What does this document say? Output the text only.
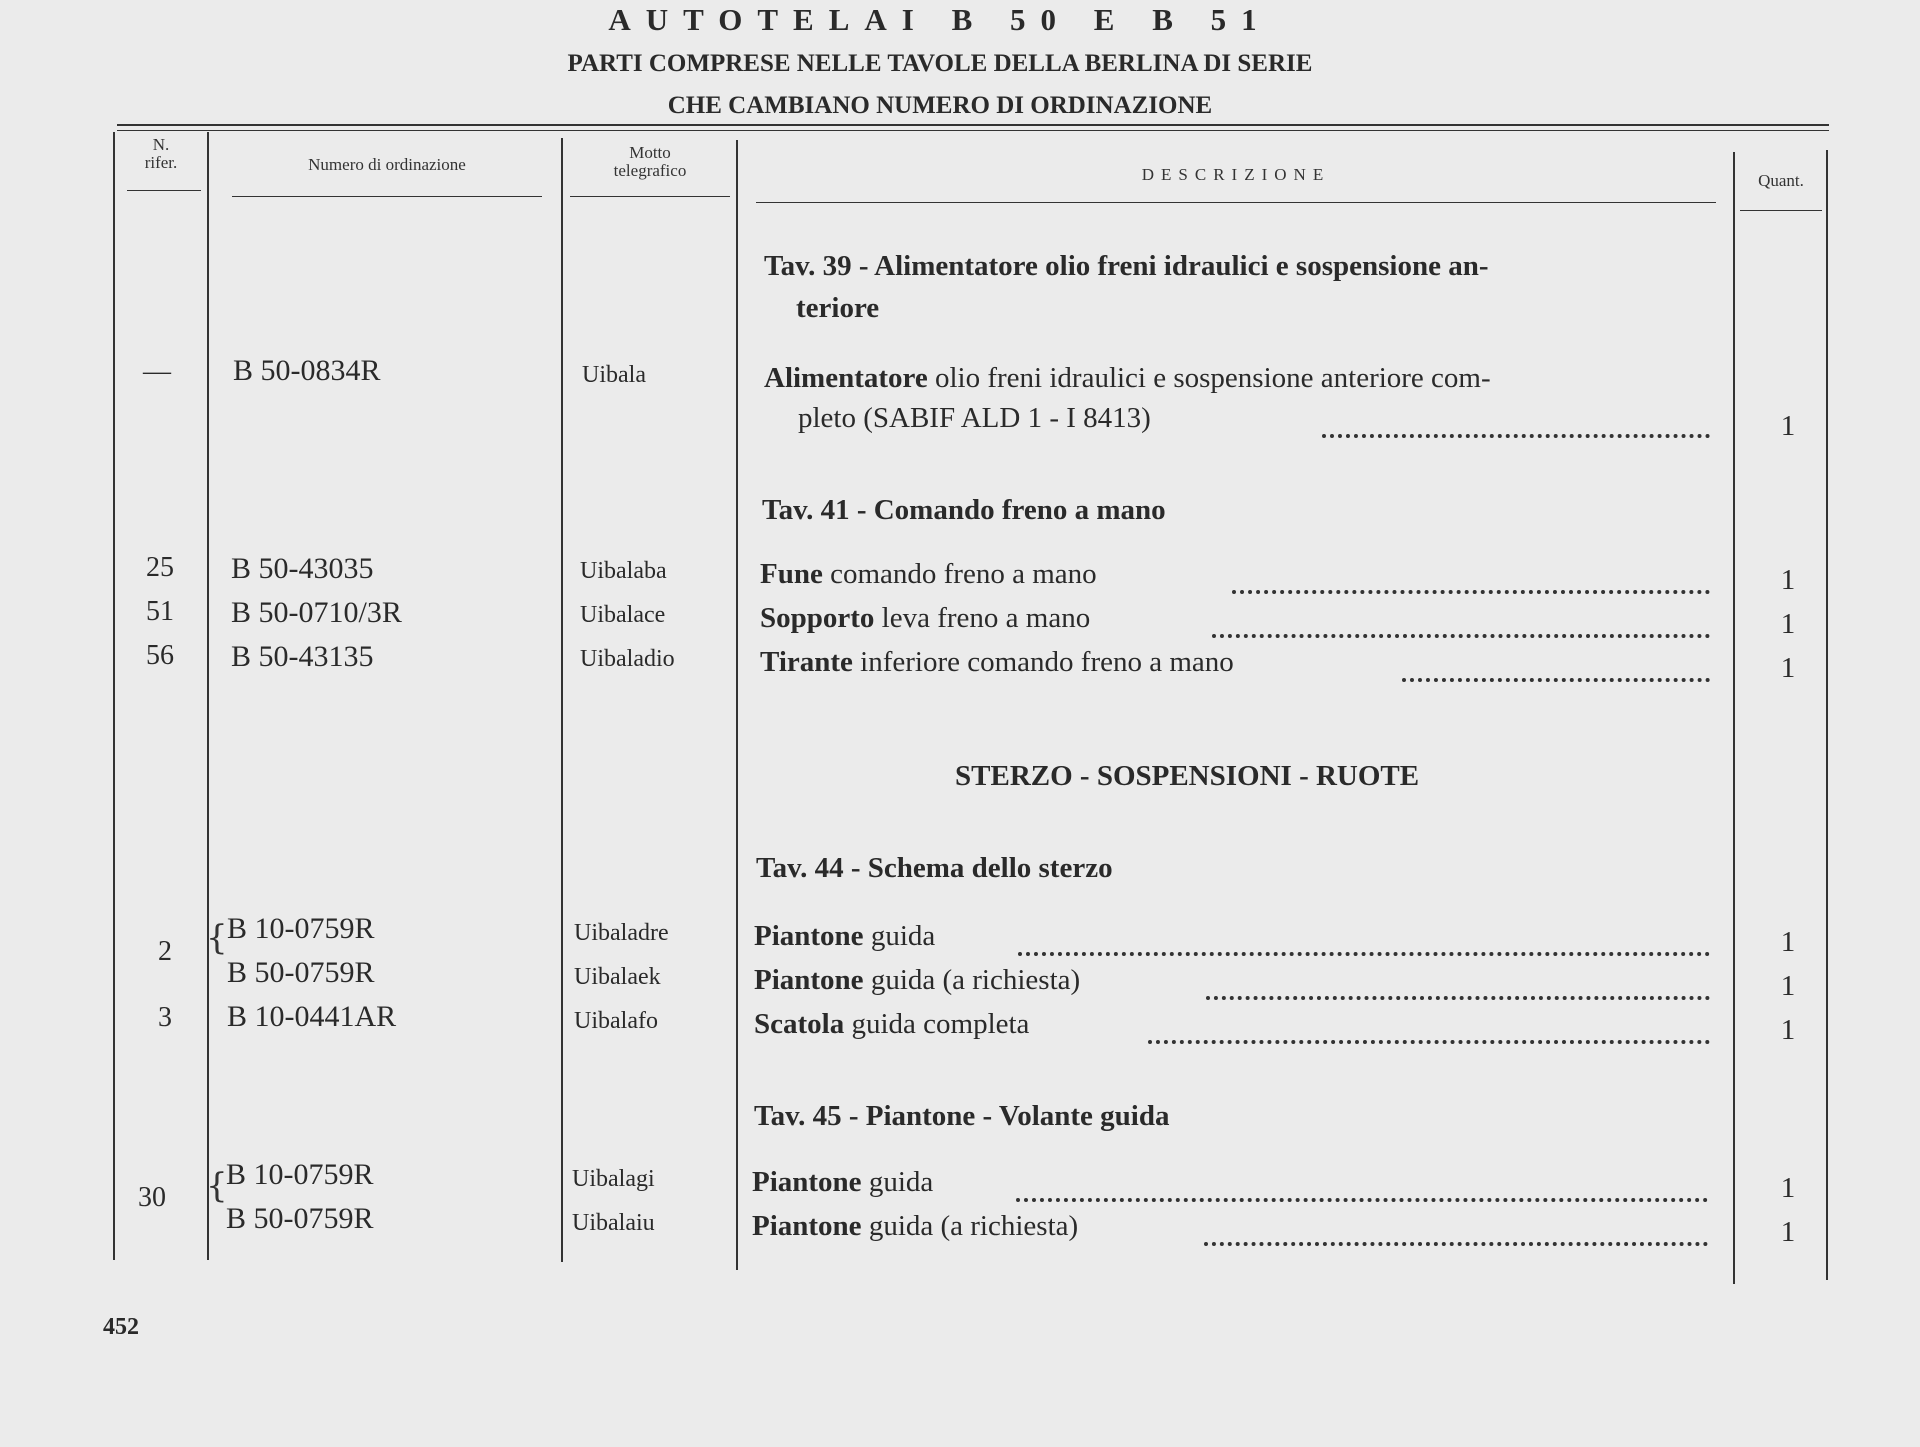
AUTOTELAI B 50 E B 51
PARTI COMPRESE NELLE TAVOLE DELLA BERLINA DI SERIE
CHE CAMBIANO NUMERO DI ORDINAZIONE
N.
rifer.	Numero di ordinazione
Motto
telegrafico	DESCRIZIONE	Quant.
Tav. 39 - Alimentatore olio freni idraulici e sospensione an-
teriore
— B 50-0834R	Uibala	Alimentatore olio freni idraulici e sospensione anteriore com-
pleto (SABIF ALD 1 - I 8413)	1
Tav. 41 - Comando freno a mano
25 B 50-43035	Uibalaba	Fune comando freno a mano	1
51 B 50-0710/3R	Uibalace	Sopporto leva freno a mano	1
56 B 50-43135	Uibaladio	Tirante inferiore comando freno a mano	1
STERZO - SOSPENSIONI - RUOTE
Tav. 44 - Schema dello sterzo
2 { B 10-0759R	Uibaladre	Piantone guida	1
B 50-0759R	Uibalaek	Piantone guida (a richiesta)	1
3 B 10-0441AR	Uibalafo	Scatola guida completa	1
Tav. 45 - Piantone - Volante guida
30 {
B 10-0759R	Uibalagi	Piantone guida	1
B 50-0759R	Uibalaiu	Piantone guida (a richiesta)	1
452
